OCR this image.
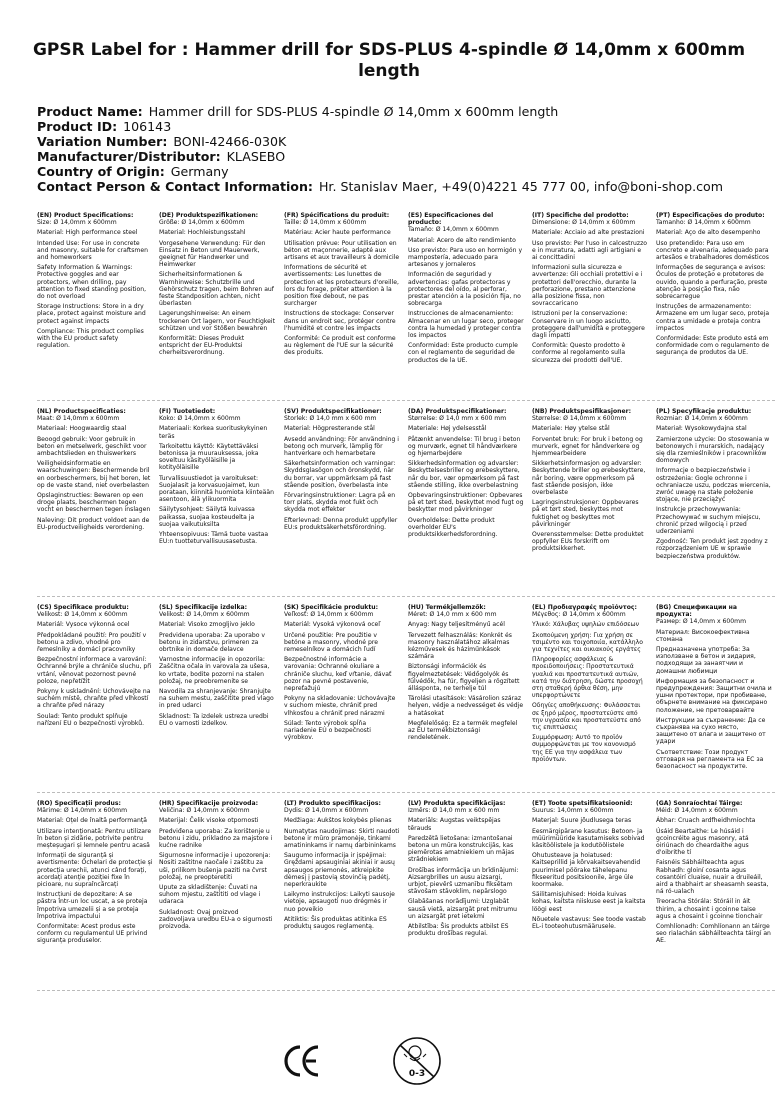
GPSR Label for : Hammer drill for SDS-PLUS 4-spindle Ø 14,0mm x 600mm length
Product Name: Hammer drill for SDS-PLUS 4-spindle Ø 14,0mm x 600mm length
Product ID: 106143
Variation Number: BONI-42466-030K
Manufacturer/Distributor: KLASEBO
Country of Origin: Germany
Contact Person & Contact Information: Hr. Stanislav Maer, +49(0)4221 45 777 00, info@boni-shop.com
0-3

(EN) Product Specifications:

Size: Ø 14,0mm x 600mm

Material: High performance steel

Intended Use: For use in concrete and masonry, suitable for craftsmen and homeworkers

Safety Information & Warnings: Protective goggles and ear protectors, when drilling, pay attention to fixed standing position, do not overload

Storage Instructions: Store in a dry place, protect against moisture and protect against impacts

Compliance: This product complies with the EU product safety regulation.

(DE) Produktspezifikationen:

Größe: Ø 14,0mm x 600mm

Material: Hochleistungsstahl

Vorgesehene Verwendung: Für den Einsatz in Beton und Mauerwerk, geeignet für Handwerker und Heimwerker

Sicherheitsinformationen & Warnhinweise: Schutzbrille und Gehörschutz tragen, beim Bohren auf feste Standposition achten, nicht überlasten

Lagerungshinweise: An einem trockenen Ort lagern, vor Feuchtigkeit schützen und vor Stößen bewahren

Konformität: Dieses Produkt entspricht der EU-Produktsi cherheitsverordnung.

(FR) Spécifications du produit:

Taille: Ø 14,0mm x 600mm

Matériau: Acier haute performance

Utilisation prévue: Pour utilisation en béton et maçonnerie, adapté aux artisans et aux travailleurs à domicile

Informations de sécurité et avertissements: Les lunettes de protection et les protecteurs d'oreille, lors du forage, prêter attention à la position fixe debout, ne pas surcharger

Instructions de stockage: Conserver dans un endroit sec, protéger contre l'humidité et contre les impacts

Conformité: Ce produit est conforme au règlement de l'UE sur la sécurité des produits.

(ES) Especificaciones del producto:

Tamaño: Ø 14,0mm x 600mm

Material: Acero de alto rendimiento

Uso previsto: Para uso en hormigón y mampostería, adecuado para artesanos y jornaleros

Información de seguridad y advertencias: gafas protectoras y protectores del oído, al perforar, prestar atención a la posición fija, no sobrecarga

Instrucciones de almacenamiento: Almacenar en un lugar seco, proteger contra la humedad y proteger contra los impactos

Conformidad: Este producto cumple con el reglamento de seguridad de productos de la UE.

(IT) Specifiche del prodotto:

Dimensione: Ø 14,0mm x 600mm

Materiale: Acciaio ad alte prestazioni

Uso previsto: Per l'uso in calcestruzzo e in muratura, adatti agli artigiani e ai concittadini

Informazioni sulla sicurezza e avvertenze: Gli occhiali protettivi e i protettori dell'orecchio, durante la perforazione, prestano attenzione alla posizione fissa, non sovraccaricano

Istruzioni per la conservazione: Conservare in un luogo asciutto, proteggere dall'umidità e proteggere dagli impatti

Conformità: Questo prodotto è conforme al regolamento sulla sicurezza dei prodotti dell'UE.

(PT) Especificações do produto:

Tamanho: Ø 14,0mm x 600mm

Material: Aço de alto desempenho

Uso pretendido: Para uso em concreto e alvenaria, adequado para artesãos e trabalhadores domésticos

Informações de segurança e avisos: Óculos de proteção e protetores de ouvido, quando a perfuração, preste atenção à posição fixa, não sobrecarregue

Instruções de armazenamento: Armazene em um lugar seco, proteja contra a umidade e proteja contra impactos

Conformidade: Este produto está em conformidade com o regulamento de segurança de produtos da UE.

(NL) Productspecificaties:

Maat: Ø 14,0mm x 600mm

Materiaal: Hoogwaardig staal

Beoogd gebruik: Voor gebruik in beton en metselwerk, geschikt voor ambachtslieden en thuiswerkers

Veiligheidsinformatie en waarschuwingen: Beschermende bril en oorbeschermers, bij het boren, let op de vaste stand, niet overbelasten

Opslaginstructies: Bewaren op een droge plaats, beschermen tegen vocht en beschermen tegen inslagen

Naleving: Dit product voldoet aan de EU-productveiligheids verordening.

(FI) Tuotetiedot:

Koko: Ø 14,0mm x 600mm

Materiaali: Korkea suorituskykyinen teräs

Tarkoitettu käyttö: Käytettäväksi betonissa ja muurauksessa, joka soveltuu käsityöläisille ja kotityöläisille

Turvallisuustiedot ja varoitukset: Suojalasit ja korvasuojaimet, kun porataan, kiinnitä huomiota kiinteään asentoon, älä ylikuormita

Säilytysohjeet: Säilytä kuivassa paikassa, suojaa kosteudelta ja suojaa vaikutuksilta

Yhteensopivuus: Tämä tuote vastaa EU:n tuotteturvallisuusasetusta.

(SV) Produktspecifikationer:

Storlek: Ø 14,0 mm x 600 mm

Material: Högpresterande stål

Avsedd användning: För användning i betong och murverk, lämplig för hantverkare och hemarbetare

Säkerhetsinformation och varningar: Skyddsglasögon och öronskydd, när du borrar, var uppmärksam på fast stående position, överbelasta inte

Förvaringsinstruktioner: Lagra på en torr plats, skydda mot fukt och skydda mot effekter

Efterlevnad: Denna produkt uppfyller EU:s produktsäkerhetsförordning.

(DA) Produktspecifikationer:

Størrelse: Ø 14,0 mm x 600 mm

Materiale: Høj ydelsesstål

Påtænkt anvendelse: Til brug i beton og murværk, egnet til håndværkere og hjemarbejdere

Sikkerhedsinformation og advarsler: Beskyttelsesbriller og ørebeskyttere, når du bor, vær opmærksom på fast stående stilling, ikke overbelastning

Opbevaringsinstruktioner: Opbevares på et tørt sted, beskyttet mod fugt og beskytter mod påvirkninger

Overholdelse: Dette produkt overholder EU's produktsikkerhedsforordning.

(NB) Produktspesifikasjoner:

Størrelse: Ø 14,0mm x 600mm

Materiale: Høy ytelse stål

Forventet bruk: For bruk i betong og murverk, egnet for håndverkere og hjemmearbeidere

Sikkerhetsinformasjon og advarsler: Beskyttende briller og ørebeskyttere, når boring, være oppmerksom på fast stående posisjon, ikke overbelaste

Lagringsinstruksjoner: Oppbevares på et tørt sted, beskyttes mot fuktighet og beskyttes mot påvirkninger

Overensstemmelse: Dette produktet oppfyller EUs forskrift om produktsikkerhet.

(PL) Specyfikacje produktu:

Rozmiar: Ø 14,0mm x 600mm

Materiał: Wysokowydajna stal

Zamierzone użycie: Do stosowania w betonowych i murarskich, nadający się dla rzemieślników i pracowników domowych

Informacje o bezpieczeństwie i ostrzeżenia: Gogle ochronne i ochraniacze uszu, podczas wiercenia, zwróć uwagę na stałe położenie stojące, nie przeciążyć

Instrukcje przechowywania: Przechowywać w suchym miejscu, chronić przed wilgocią i przed uderzeniami

Zgodność: Ten produkt jest zgodny z rozporządzeniem UE w sprawie bezpieczeństwa produktów.

(CS) Specifikace produktu:

Velikost: Ø 14,0mm x 600mm

Materiál: Vysoce výkonná ocel

Předpokládané použití: Pro použití v betonu a zdivo, vhodné pro řemeslníky a domácí pracovníky

Bezpečnostní informace a varování: Ochranné brýle a chrániče sluchu, při vrtání, věnovat pozornost pevné poloze, nepřetížit

Pokyny k uskladnění: Uchovávejte na suchém místě, chraňte před vlhkostí a chraňte před nárazy

Soulad: Tento produkt splňuje nařízení EU o bezpečnosti výrobků.

(SL) Specifikacije izdelka:

Velikost: Ø 14,0mm x 600mm

Material: Visoko zmogljivo jeklo

Predvidena uporaba: Za uporabo v betonu in zidarstvu, primeren za obrtnike in domače delavce

Varnostne informacije in opozorila: Zaščitna očala in varovala za ušesa, ko vrtate, bodite pozorni na stalen položaj, ne preobremenite se

Navodila za shranjevanje: Shranjujte na suhem mestu, zaščitite pred vlago in pred udarci

Skladnost: Ta izdelek ustreza uredbi EU o varnosti izdelkov.

(SK) Špecifikácie produktu:

Veľkosť: Ø 14,0mm x 600mm

Materiál: Vysoká výkonová oceľ

Určené použitie: Pre použitie v betóne a masonry, vhodné pre remeselníkov a domácich ľudí

Bezpečnostné informácie a varovania: Ochranné okuliare a chrániče sluchu, keď vŕtanie, dávať pozor na pevné postavenie, nepreťažujú

Pokyny na skladovanie: Uchovávajte v suchom mieste, chrániť pred vlhkosťou a chrániť pred nárazmi

Súlad: Tento výrobok spĺňa nariadenie EÚ o bezpečnosti výrobkov.

(HU) Termékjellemzők:

Méret: Ø 14,0 mm x 600 mm

Anyag: Nagy teljesítményű acél

Tervezett felhasználás: Konkrét és masonry használatához alkalmas kézművesek és háziműnkások számára

Biztonsági információk és figyelmeztetések: Védőgolyók és fülvédők, ha fúr, figyeljen a rögzített állásponta, ne terhelje túl

Tárolási utasítások: Vásárolion száraz helyen, védje a nedvességet és védje a hatásokat

Megfelelőség: Ez a termék megfelel az EU termékbiztonsági rendeletének.

(EL) Προδιαγραφές προϊόντος:

Μέγεθος: Ø 14,0mm x 600mm

Υλικό: Χάλυβας υψηλών επιδόσεων

Σκοπούμενη χρήση: Για χρήση σε τσιμέντο και τοιχοποιία, κατάλληλο για τεχνίτες και οικιακούς εργάτες

Πληροφορίες ασφάλειας & προειδοποιήσεις: Προστατευτικά γυαλιά και προστατευτικά αυτιών, κατά την διάτρηση, δώστε προσοχή στη σταθερή όρθια θέση, μην υπερφορτώνετε

Οδηγίες αποθήκευσης: Φυλάσσεται σε ξηρό μέρος, προστατεύστε από την υγρασία και προστατεύστε από τις επιπτώσεις

Συμμόρφωση: Αυτό το προϊόν συμμορφώνεται με τον κανονισμό της ΕΕ για την ασφάλεια των προϊόντων.

(BG) Спецификации на продукта:

Размер: Ø 14,0mm x 600mm

Материал: Високоефективна стомана

Предназначена употреба: За използване в бетон и зидария, подходящи за занаятчии и домашни любимци

Информация за безопасност и предупреждения: Защитни очила и ушни протектори, при пробиване, обърнете внимание на фиксирано положение, не претоварвайте

Инструкции за съхранение: Да се съхранява на сухо място, защитено от влага и защитено от удари

Съответствие: Този продукт отговаря на регламента на ЕС за безопасност на продуктите.

(RO) Specificații produs:

Mărime: Ø 14,0mm x 600mm

Material: Oțel de înaltă performanță

Utilizare intenționată: Pentru utilizare în beton și zidărie, potrivite pentru meșteșugari și lemnele pentru acasă

Informații de siguranță și avertismente: Ochelari de protecție și protecția urechii, atunci când forați, acordați atenție poziției fixe în picioare, nu supraîncărcați

Instrucțiuni de depozitare: A se păstra într-un loc uscat, a se proteja împotriva umezelii și a se proteja împotriva impactului

Conformitate: Acest produs este conform cu regulamentul UE privind siguranța produselor.

(HR) Specifikacije proizvoda:

Veličina: Ø 14,0mm x 600mm

Materijal: Čelik visoke otpornosti

Predviđena uporaba: Za korištenje u betonu i zidu, prikladno za majstore i kućne radnike

Sigurnosne informacije i upozorenja: Nositi zaštitne naočale i zaštitu za uši, prilikom bušenja paziti na čvrst položaj, ne preopteretiti

Upute za skladištenje: Čuvati na suhom mjestu, zaštititi od vlage i udaraca

Sukladnost: Ovaj proizvod zadovoljava uredbu EU-a o sigurnosti proizvoda.

(LT) Produkto specifikacijos:

Dydis: Ø 14,0mm x 600mm

Medžiaga: Aukštos kokybės plienas

Numatytas naudojimas: Skirti naudoti betone ir mūro pramonėje, tinkami amatininkams ir namų darbininkams

Saugumo informacija ir įspėjimai: Gręždami apsauginiai akiniai ir ausų apsaugos priemonės, atkreipkite dėmesį į pastovią stovinčią padėtį, neperkraukite

Laikymo instrukcijos: Laikyti sausoje vietoje, apsaugoti nuo drėgmės ir nuo poveikio

Atitiktis: Šis produktas atitinka ES produktų saugos reglamentą.

(LV) Produkta specifikācijas:

Izmērs: Ø 14,0 mm x 600 mm

Materiāls: Augstas veiktspējas tērauds

Paredzētā lietošana: izmantošanai betona un mūra konstrukcijās, kas piemērotas amatniekiem un mājas strādniekiem

Drošības informācija un brīdinājumi: Aizsargbrilles un ausu aizsargi, urbjot, pievērš uzmanību fiksētam stāvošam stāvoklim, nepārslogo

Glabāšanas norādījumi: Uzglabāt sausā vietā, aizsargāt pret mitrumu un aizsargāt pret ietekmi

Atbilstība: Šis produkts atbilst ES produktu drošības regulai.

(ET) Toote spetsifikatsioonid:

Suurus: 14,0mm x 600mm

Materjal: Suure jõudlusega teras

Eesmärgipärane kasutus: Betoon- ja müürimüüride kasutamiseks sobivad käsitöölistele ja kodutöölistele

Ohutusteave ja hoiatused: Kaitseprillid ja kõrvakaitsevahendid puurimisel pöörake tähelepanu fikseeritud positsioonile, ärge üle koormake.

Säilitamisjuhised: Hoida kuivas kohas, kaitsta niiskuse eest ja kaitsta löögi eest

Nõuetele vastavus: See toode vastab EL-i tooteohutusmäärusele.

(GA) Sonraíochtaí Táirge:

Méid: Ø 14,0mm x 600mm

Ábhar: Cruach ardfheidhmíochta

Úsáid Beartaithe: Le húsáid i gcoincréite agus masonry, atá oiriúnach do cheardaithe agus d'oibrithe tí

Faisnéis Sábháilteachta agus Rabhadh: gloiní cosanta agus cosantóirí cluaise, nuair a druileáil, aird a thabhairt ar sheasamh seasta, ná ró-ualach

Treoracha Stórála: Stóráil in áit thirim, a chosaint i gcoinne taise agus a chosaint i gcoinne tionchair

Comhlíonadh: Comhlíonann an táirge seo rialachán sábháilteachta táirgí an AE.
